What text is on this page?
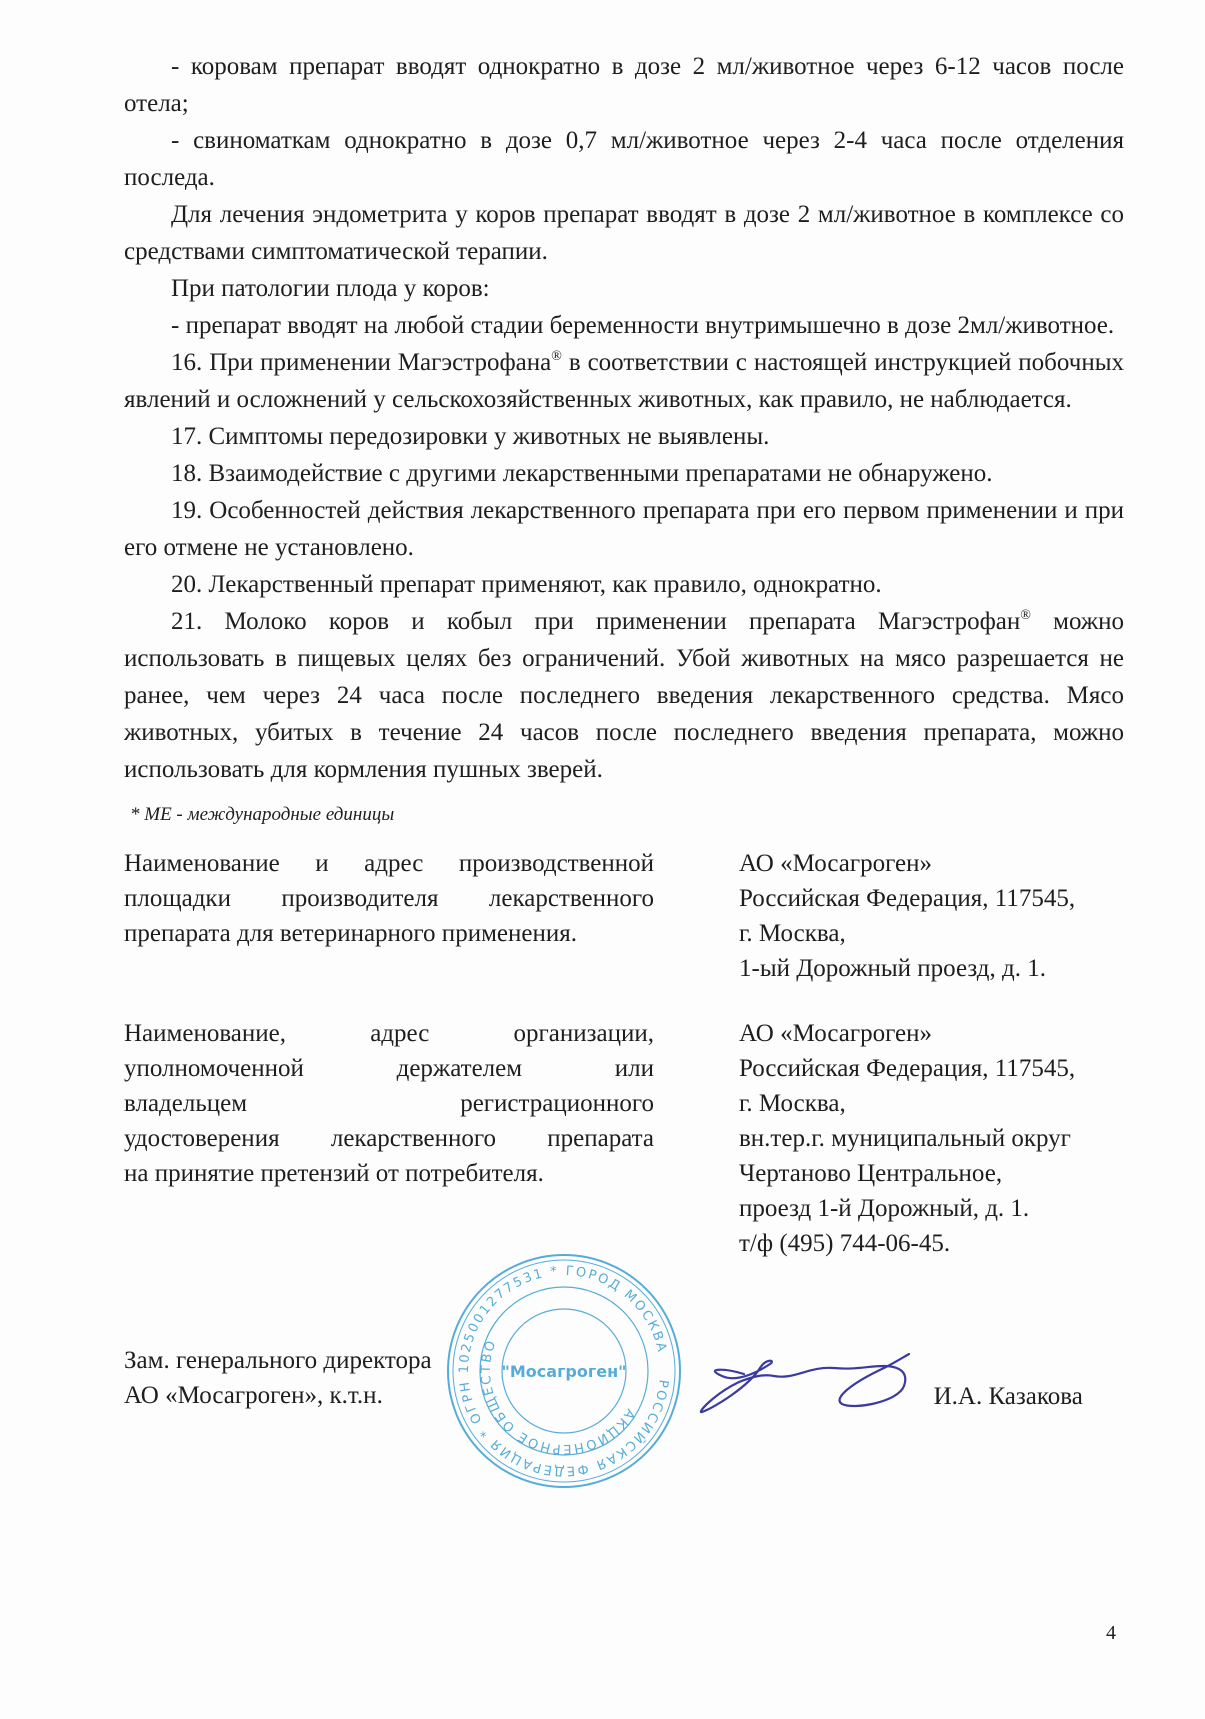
- коровам препарат вводят однократно в дозе 2 мл/животное через 6-12 часов после отела;

- свиноматкам однократно в дозе 0,7 мл/животное через 2-4 часа после отделения последа.

Для лечения эндометрита у коров препарат вводят в дозе 2 мл/животное в комплексе со средствами симптоматической терапии.

При патологии плода у коров:

- препарат вводят на любой стадии беременности внутримышечно в дозе 2мл/животное.

16. При применении Магэстрофана® в соответствии с настоящей инструкцией побочных явлений и осложнений у сельскохозяйственных животных, как правило, не наблюдается.

17. Симптомы передозировки у животных не выявлены.

18. Взаимодействие с другими лекарственными препаратами не обнаружено.

19. Особенностей действия лекарственного препарата при его первом применении и при его отмене не установлено.

20. Лекарственный препарат применяют, как правило, однократно.

21. Молоко коров и кобыл при применении препарата Магэстрофан® можно использовать в пищевых целях без ограничений. Убой животных на мясо разрешается не ранее, чем через 24 часа после последнего введения лекарственного средства. Мясо животных, убитых в течение 24 часов после последнего введения препарата, можно использовать для кормления пушных зверей.

* МЕ - международные единицы
Наименование и адрес производственной
площадки производителя лекарственного
препарата для ветеринарного применения.
АО «Мосагроген»
Российская Федерация, 117545,
г. Москва,
1-ый Дорожный проезд, д. 1.
Наименование, адрес организации,
уполномоченной держателем или
владельцем регистрационного
удостоверения лекарственного препарата
на принятие претензий от потребителя.
АО «Мосагроген»
Российская Федерация, 117545,
г. Москва,
вн.тер.г. муниципальный округ
Чертаново Центральное,
проезд 1-й Дорожный, д. 1.
т/ф (495) 744-06-45.
РОССИЙСКАЯ ФЕДЕРАЦИЯ * ОГРН 1025001277531 * ГОРОД МОСКВА
АКЦИОНЕРНОЕ ОБЩЕСТВО
"Мосагроген"
Зам. генерального директора
АО «Мосагроген», к.т.н.	И.А. Казакова
4
